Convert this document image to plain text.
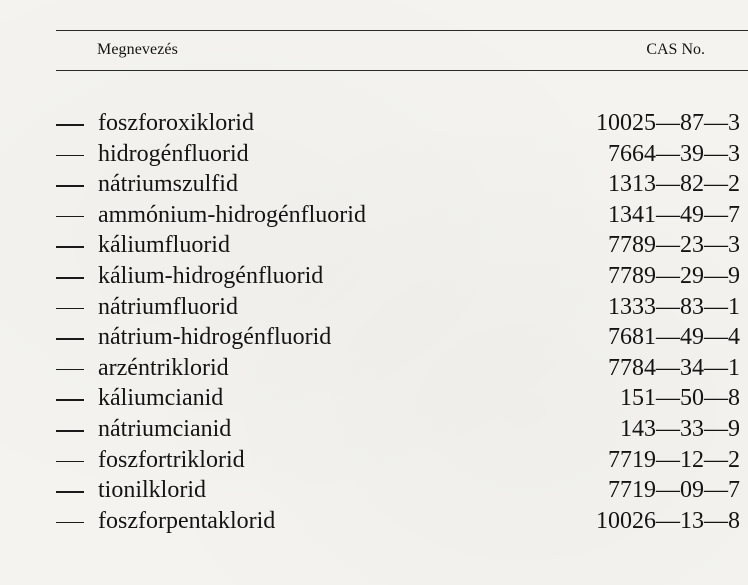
Megnevezés	CAS No.
foszforoxiklorid	10025—87—3
hidrogénfluorid	7664—39—3
nátriumszulfid	1313—82—2
ammónium-hidrogénfluorid	1341—49—7
káliumfluorid	7789—23—3
kálium-hidrogénfluorid	7789—29—9
nátriumfluorid	1333—83—1
nátrium-hidrogénfluorid	7681—49—4
arzéntriklorid	7784—34—1
káliumcianid	151—50—8
nátriumcianid	143—33—9
foszfortriklorid	7719—12—2
tionilklorid	7719—09—7
foszforpentaklorid	10026—13—8
